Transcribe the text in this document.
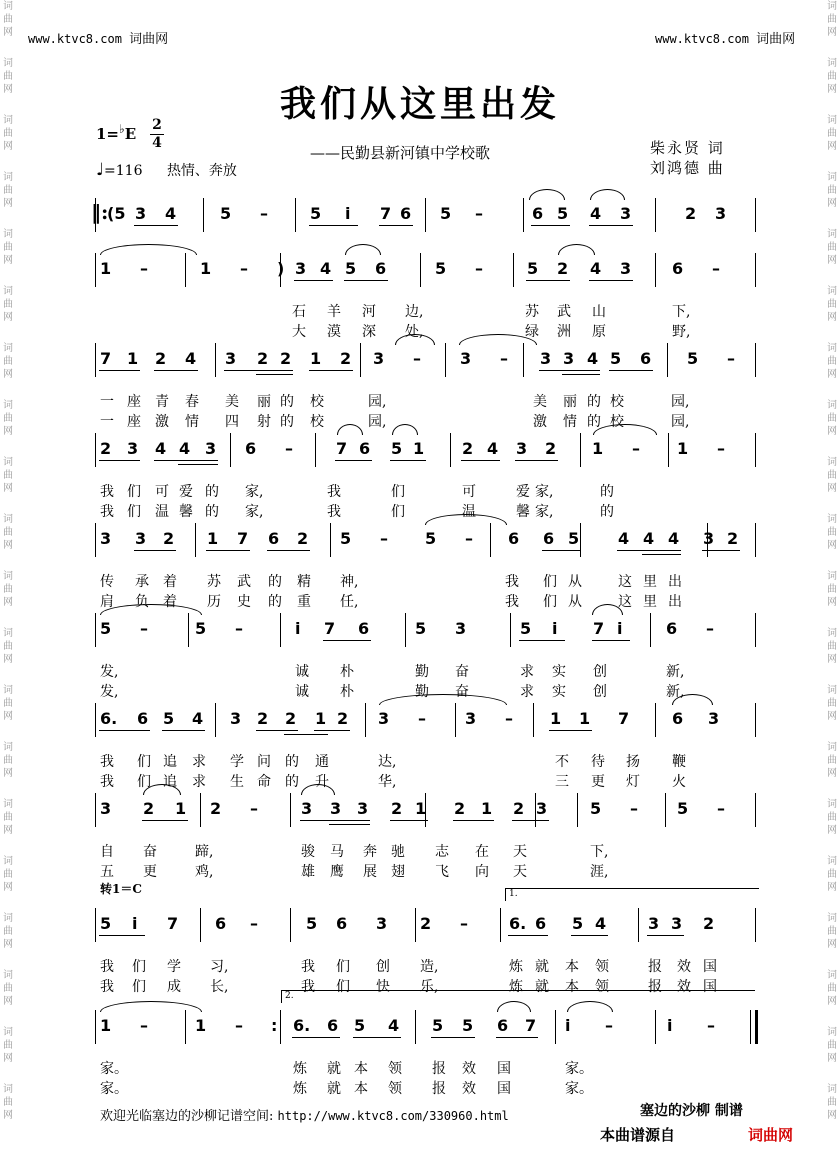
词
曲
网
词
曲
网
词
曲
网
词
曲
网
词
曲
网
词
曲
网
词
曲
网
词
曲
网
词
曲
网
词
曲
网
词
曲
网
词
曲
网
词
曲
网
词
曲
网
词
曲
网
词
曲
网
词
曲
网
词
曲
网
词
曲
网
词
曲
网
词
曲
网
词
曲
网
词
曲
网
词
曲
网
词
曲
网
词
曲
网
词
曲
网
词
曲
网
词
曲
网
词
曲
网
词
曲
网
词
曲
网
词
曲
网
词
曲
网
词
曲
网
词
曲
网
词
曲
网
词
曲
网
词
曲
网
词
曲
网
www.ktvc8.com 词曲网	www.ktvc8.com 词曲网
我们从这里出发
1=♭E 2
4
——民勤县新河镇中学校歌	柴永贤 词
刘鸿德 曲
♩=116 热情、奔放
转1＝C
‖:
(5 3 4	5 –	5 i 7 6 5 –	6 5 4 3	2 3
1 –	1 – ) 3 4 5 6	5 –	5 2 4 3	6 –
石 羊 河 边,	苏 武 山	下,
大 漠 深 处,	绿 洲 原	野,
7 1 2 4 3 2 2 1 2 3 – 3 – 3 3 4 5 6 5 –
一 座 青 春 美 丽 的 校	园,	美 丽 的 校	园,
一 座 激 情 四 射 的 校	园,	激 情 的 校	园,
2 3 4 4 3 6 –	7 6 5 1 2 4 3 2 1 – 1 –
我 们 可 爱 的 家,	我	们	可	爱	的
家,
我 们 温 馨 的 家,	我	们	温	馨	的
家,
3 3 2 1 7 6 2 5 – 5 – 6 6 5 4 4 4 3 2
传 承 着 苏 武 的 精 神,	我 们 从	这 里 出
肩 负 着 历 史 的 重 任,	我 们 从	这 里 出
5 –	5 –	i 7 6	5 3	5 i 7 i	6 –
发,	诚 朴	勤 奋	求 实 创	新,
发,	诚 朴	勤 奋	求 实 创	新,
6. 6 5 4 3 2 2 1 2 3 – 3 – 1 1 7	6 3
我 们 追 求 学 问 的 通	达,	不 待 扬 鞭
我 们 追 求 生 命 的 升	华,	三 更 灯 火
3 2 1 2 –	3 3 3 2 1 2 1 2 3	5 – 5 –
自 奋	蹄,	骏 马 奔 驰 志 在 天	下,
五 更	鸡,	雄 鹰 展 翅 飞 向 天	涯,
5 i 7 6 –	5 6 3 2 –	6. 6 5 4	3 3 2
1.
我 们 学 习,	我 们 创 造,	炼 就 本 领	报 效 国
我 们 成 长,	我 们 快 乐,	炼 就 本 领	报 效 国
1 –	1 – : 6. 6 5 4 5 5 6 7 i –	i –
2.
家。	炼 就 本 领 报 效 国	家。
家。	炼 就 本 领 报 效 国	家。
欢迎光临塞边的沙柳记谱空间: http://www.ktvc8.com/330960.html	塞边的沙柳 制谱
本曲谱源自	词曲网
